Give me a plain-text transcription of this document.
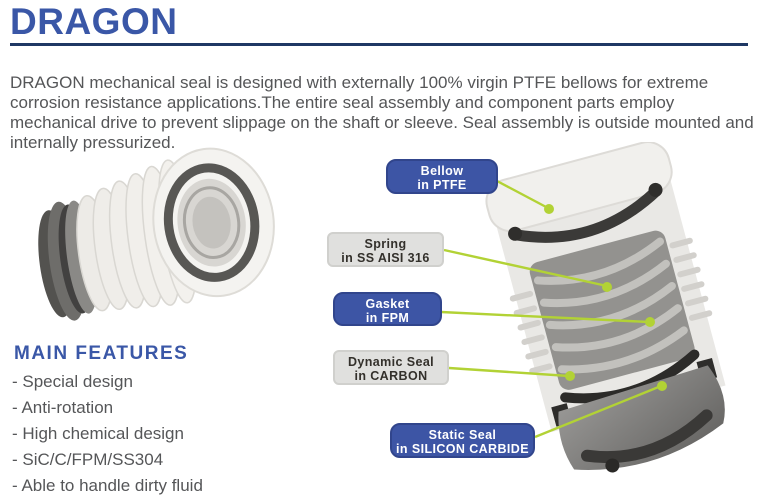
DRAGON

DRAGON mechanical seal is designed with externally 100% virgin PTFE bellows for extreme corrosion resistance applications.The entire seal assembly and component parts employ mechanical drive to prevent slippage on the shaft or sleeve. Seal assembly is outside mounted and internally pressurized.

Bellow
in PTFE
Spring
in SS AISI 316
Gasket
in FPM
Dynamic Seal
in CARBON
Static Seal
in SILICON CARBIDE
MAIN FEATURES
- Special design
- Anti-rotation
- High chemical design
- SiC/C/FPM/SS304
- Able to handle dirty fluid
